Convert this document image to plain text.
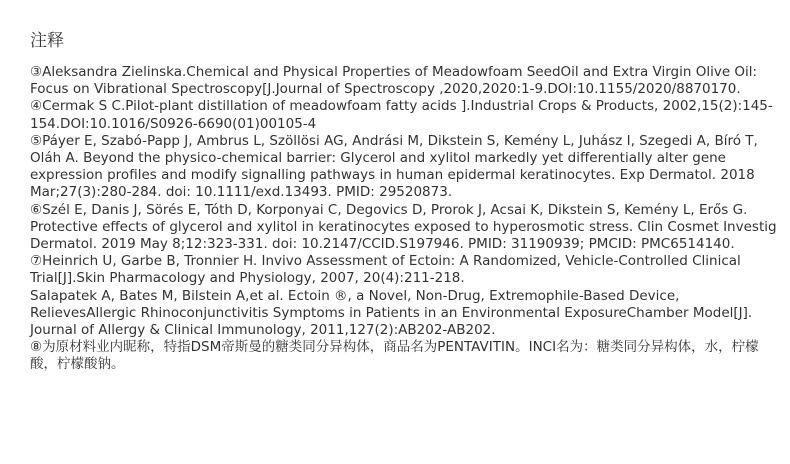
注释

③Aleksandra Zielinska.Chemical and Physical Properties of Meadowfoam SeedOil and Extra Virgin Olive Oil: Focus on Vibrational Spectroscopy[J.Journal of Spectroscopy ,2020,2020:1-9.DOI:10.1155/2020/8870170.

④Cermak S C.Pilot-plant distillation of meadowfoam fatty acids ].Industrial Crops & Products, 2002,15(2):145-154.DOI:10.1016/S0926-6690(01)00105-4

⑤Páyer E, Szabó-Papp J, Ambrus L, Szöllösi AG, Andrási M, Dikstein S, Kemény L, Juhász I, Szegedi A, Bíró T, Oláh A. Beyond the physico-chemical barrier: Glycerol and xylitol markedly yet differentially alter gene expression profiles and modify signalling pathways in human epidermal keratinocytes. Exp Dermatol. 2018 Mar;27(3):280-284. doi: 10.1111/exd.13493. PMID: 29520873.

⑥Szél E, Danis J, Sörés E, Tóth D, Korponyai C, Degovics D, Prorok J, Acsai K, Dikstein S, Kemény L, Erős G. Protective effects of glycerol and xylitol in keratinocytes exposed to hyperosmotic stress. Clin Cosmet Investig Dermatol. 2019 May 8;12:323-331. doi: 10.2147/CCID.S197946. PMID: 31190939; PMCID: PMC6514140.

⑦Heinrich U, Garbe B, Tronnier H. Invivo Assessment of Ectoin: A Randomized, Vehicle-Controlled Clinical Trial[J].Skin Pharmacology and Physiology, 2007, 20(4):211-218.

Salapatek A, Bates M, Bilstein A,et al. Ectoin ®, a Novel, Non-Drug, Extremophile-Based Device, RelievesAllergic Rhinoconjunctivitis Symptoms in Patients in an Environmental ExposureChamber Model[J]. Journal of Allergy & Clinical Immunology, 2011,127(2):AB202-AB202.

⑧为原材料业内昵称，特指DSM帝斯曼的糖类同分异构体，商品名为PENTAVITIN。INCI名为：糖类同分异构体，水，柠檬酸，柠檬酸钠。
